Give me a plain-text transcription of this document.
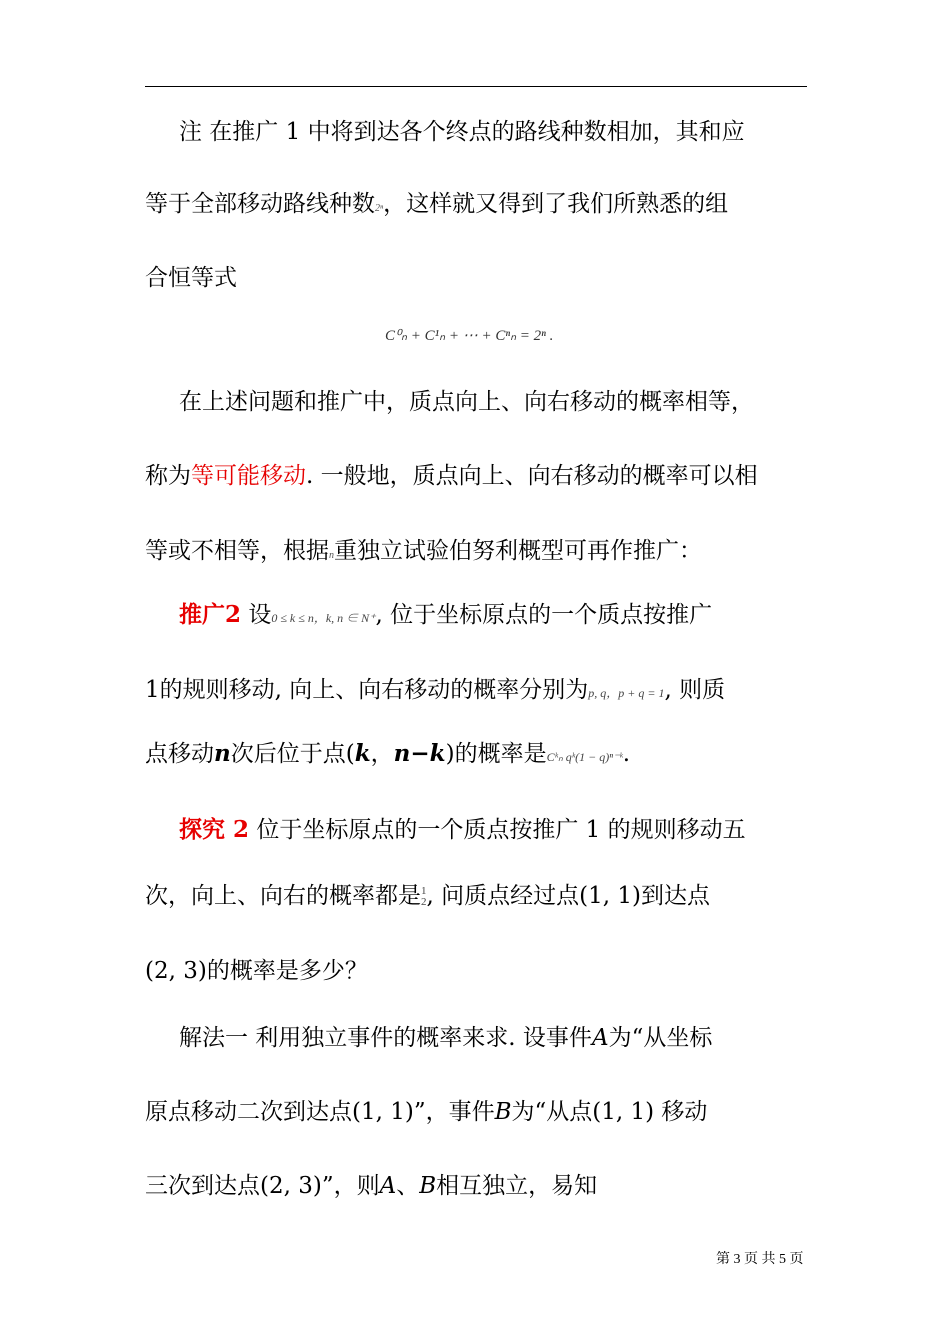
注 在推广 1 中将到达各个终点的路线种数相加，其和应
等于全部移动路线种数2ⁿ，这样就又得到了我们所熟悉的组
合恒等式
C⁰ₙ + C¹ₙ + ⋯ + Cⁿₙ = 2ⁿ .
在上述问题和推广中，质点向上、向右移动的概率相等，
称为等可能移动. 一般地，质点向上、向右移动的概率可以相
等或不相等，根据n重独立试验伯努利概型可再作推广：
推广2 设0 ≤ k ≤ n，k, n ∈ N⁺, 位于坐标原点的一个质点按推广
1的规则移动, 向上、向右移动的概率分别为p, q，p + q = 1, 则质
点移动n次后位于点(k，n−k)的概率是Cᵏₙ qᵏ(1 − q)ⁿ⁻ᵏ.
探究 2 位于坐标原点的一个质点按推广 1 的规则移动五
次，向上、向右的概率都是 1
2 , 问质点经过点(1, 1)到达点
(2, 3)的概率是多少？
解法一 利用独立事件的概率来求. 设事件A为“从坐标
原点移动二次到达点(1, 1)”，事件B为“从点(1, 1) 移动
三次到达点(2, 3)”，则A、B相互独立，易知
第 3 页 共 5 页
